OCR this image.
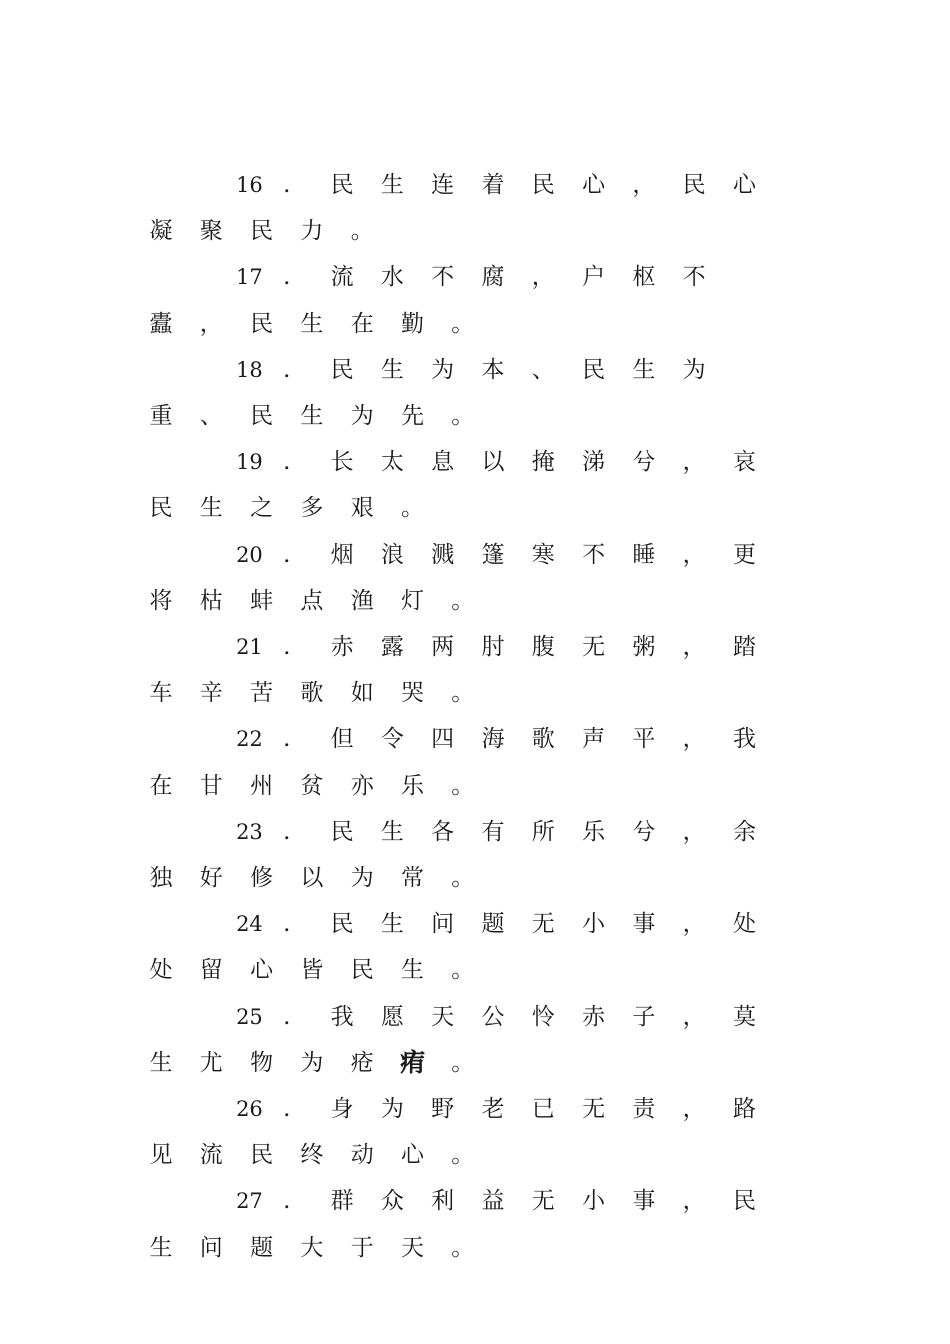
16 .	民	生	连	着	民	心	，	民	心
凝	聚	民	力	。
17 .	流	水	不	腐	，	户	枢	不
蠹	，	民	生	在	勤	。
18 .	民	生	为	本	、	民	生	为
重	、	民	生	为	先	。
19 .	长	太	息	以	掩	涕	兮	，	哀
民	生	之	多	艰	。
20 .	烟	浪	溅	篷	寒	不	睡	，	更
将	枯	蚌	点	渔	灯	。
21 .	赤	露	两	肘	腹	无	粥	，	踏
车	辛	苦	歌	如	哭	。
22 .	但	令	四	海	歌	声	平	，	我
在	甘	州	贫	亦	乐	。
23 .	民	生	各	有	所	乐	兮	，	余
独	好	修	以	为	常	。
24 .	民	生	问	题	无	小	事	，	处
处	留	心	皆	民	生	。
25 .	我	愿	天	公	怜	赤	子	，	莫
生	尤	物	为	疮	痏	。
26 .	身	为	野	老	已	无	责	，	路
见	流	民	终	动	心	。
27 .	群	众	利	益	无	小	事	，	民
生	问	题	大	于	天	。
